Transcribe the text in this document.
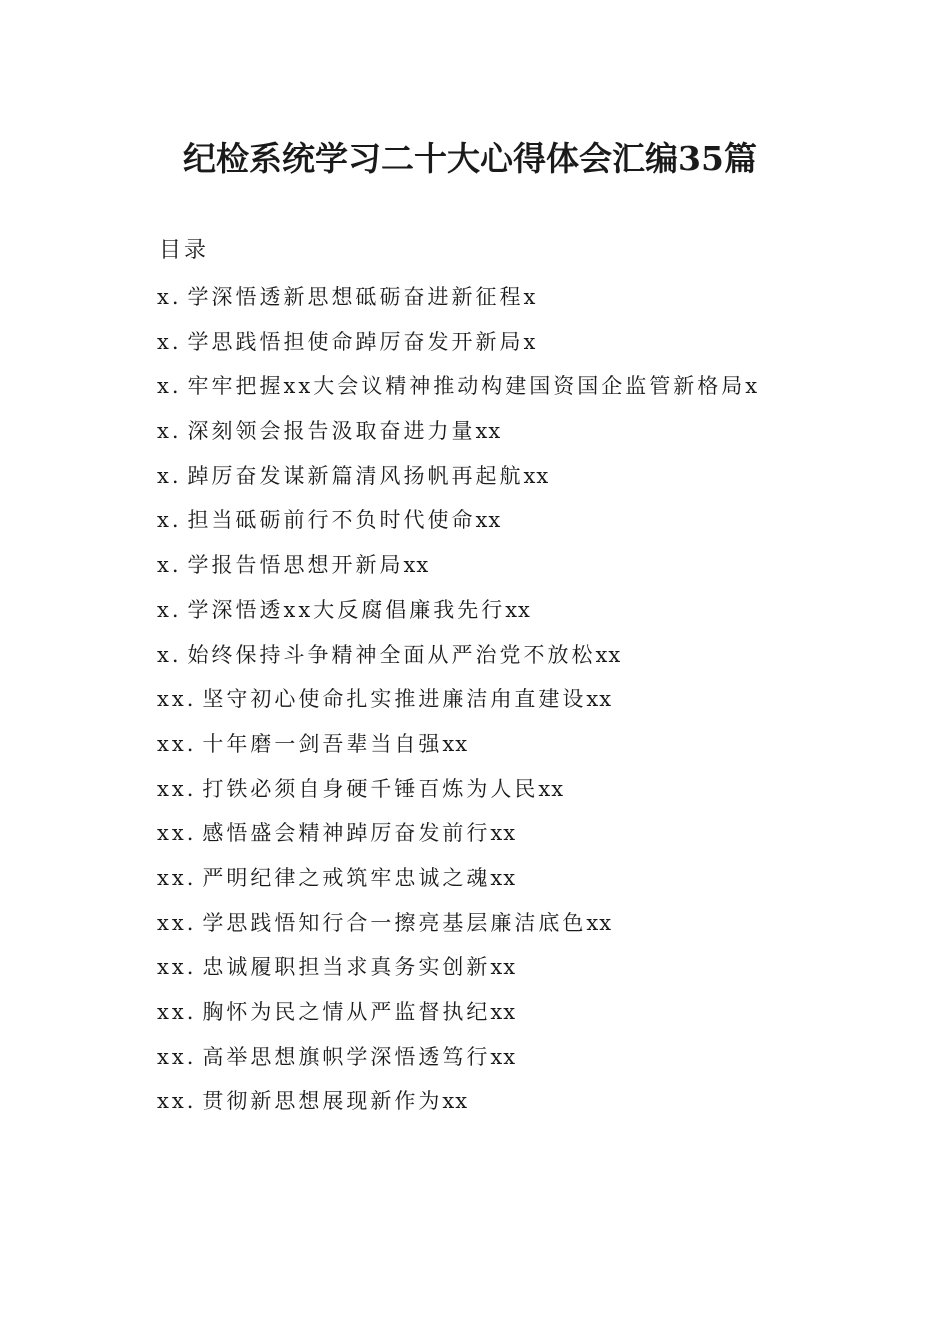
纪检系统学习二十大心得体会汇编35篇
目录
x. 学深悟透新思想砥砺奋进新征程x
x. 学思践悟担使命踔厉奋发开新局x
x. 牢牢把握xx大会议精神推动构建国资国企监管新格局x
x. 深刻领会报告汲取奋进力量xx
x. 踔厉奋发谋新篇清风扬帆再起航xx
x. 担当砥砺前行不负时代使命xx
x. 学报告悟思想开新局xx
x. 学深悟透xx大反腐倡廉我先行xx
x. 始终保持斗争精神全面从严治党不放松xx
xx. 坚守初心使命扎实推进廉洁甪直建设xx
xx. 十年磨一剑吾辈当自强xx
xx. 打铁必须自身硬千锤百炼为人民xx
xx. 感悟盛会精神踔厉奋发前行xx
xx. 严明纪律之戒筑牢忠诚之魂xx
xx. 学思践悟知行合一擦亮基层廉洁底色xx
xx. 忠诚履职担当求真务实创新xx
xx. 胸怀为民之情从严监督执纪xx
xx. 高举思想旗帜学深悟透笃行xx
xx. 贯彻新思想展现新作为xx
